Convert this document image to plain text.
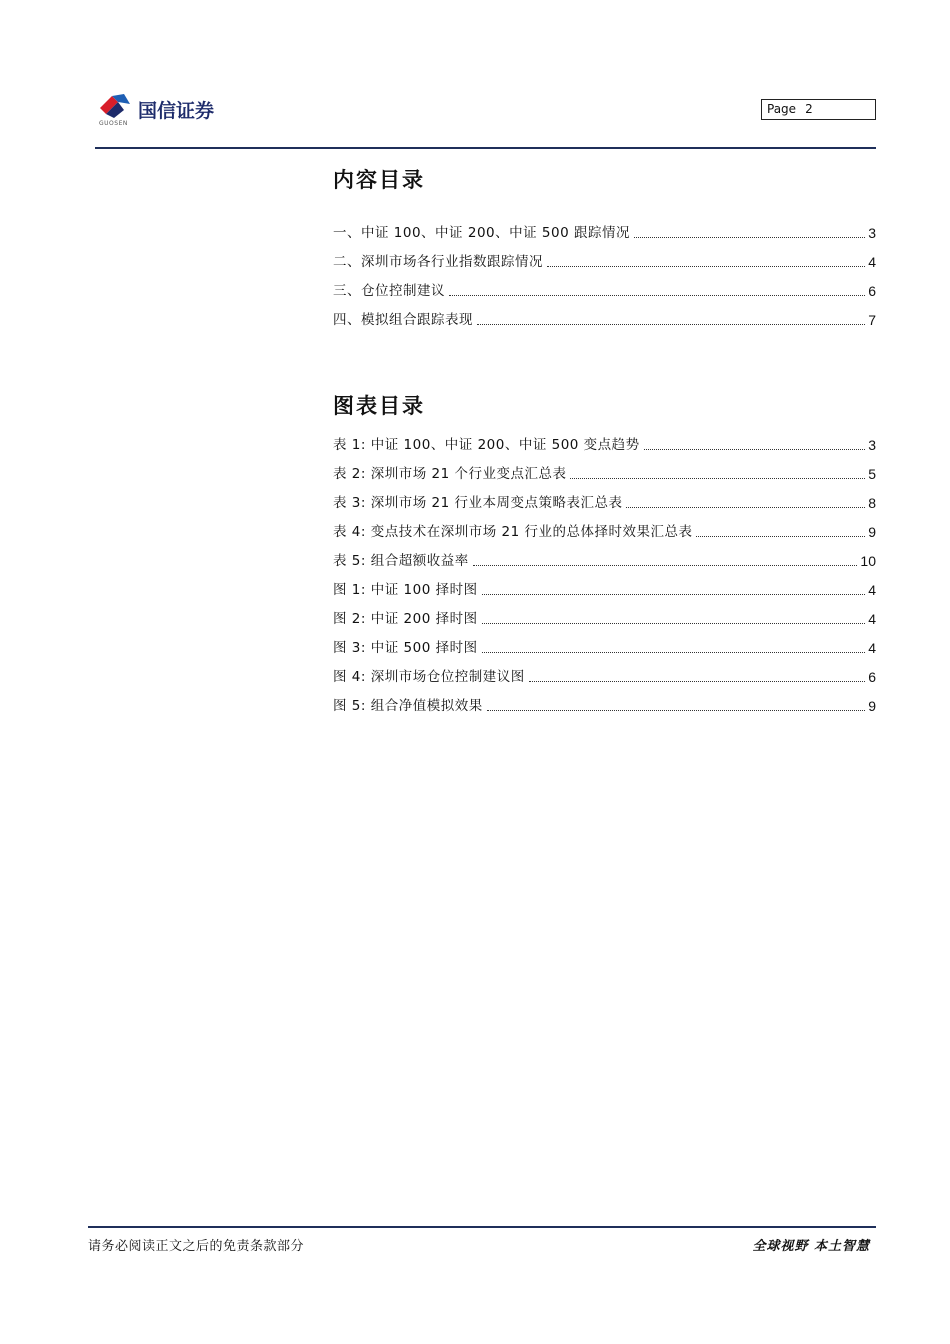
国信证券
GUOSEN
Page 2
内容目录
一、中证 100、中证 200、中证 500 跟踪情况	3
二、深圳市场各行业指数跟踪情况	4
三、仓位控制建议	6
四、模拟组合跟踪表现	7
图表目录
表 1: 中证 100、中证 200、中证 500 变点趋势	3
表 2: 深圳市场 21 个行业变点汇总表	5
表 3: 深圳市场 21 行业本周变点策略表汇总表	8
表 4: 变点技术在深圳市场 21 行业的总体择时效果汇总表	9
表 5: 组合超额收益率	10
图 1: 中证 100 择时图	4
图 2: 中证 200 择时图	4
图 3: 中证 500 择时图	4
图 4: 深圳市场仓位控制建议图	6
图 5: 组合净值模拟效果	9
请务必阅读正文之后的免责条款部分	全球视野 本土智慧
